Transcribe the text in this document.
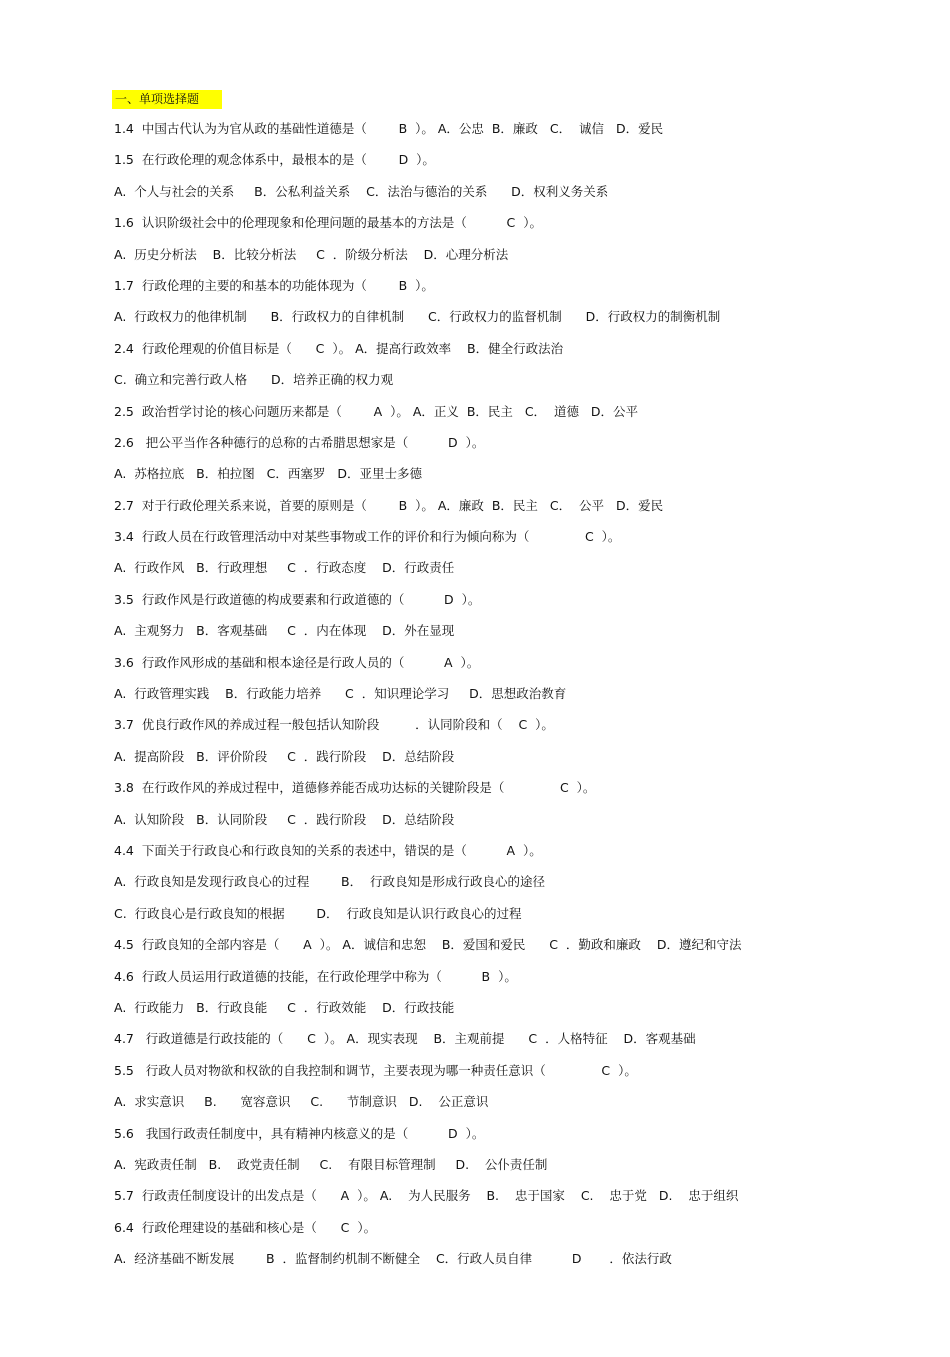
一、单项选择题
1.4  中国古代认为为官从政的基础性道德是（        B  ）。 A．公忠  B．廉政   C．  诚信   D．爱民
1.5  在行政伦理的观念体系中，最根本的是（        D  ）。
A.  个人与社会的关系     B．公私利益关系    C．法治与德治的关系      D．权利义务关系
1.6  认识阶级社会中的伦理现象和伦理问题的最基本的方法是（          C  ）。
A.  历史分析法    B．比较分析法     C  ．阶级分析法    D．心理分析法
1.7  行政伦理的主要的和基本的功能体现为（        B  ）。
A.  行政权力的他律机制      B．行政权力的自律机制      C．行政权力的监督机制      D．行政权力的制衡机制
2.4  行政伦理观的价值目标是（      C  ）。 A．提高行政效率    B．健全行政法治
C.  确立和完善行政人格      D．培养正确的权力观
2.5  政治哲学讨论的核心问题历来都是（        A  ）。 A．正义  B．民主   C．  道德   D．公平
2.6   把公平当作各种德行的总称的古希腊思想家是（          D  ）。
A.  苏格拉底   B．柏拉图   C．西塞罗   D．亚里士多德
2.7  对于行政伦理关系来说，首要的原则是（        B  ）。 A．廉政  B．民主   C．  公平   D．爱民
3.4  行政人员在行政管理活动中对某些事物或工作的评价和行为倾向称为（              C  ）。
A.  行政作风   B．行政理想     C  ．行政态度    D．行政责任
3.5  行政作风是行政道德的构成要素和行政道德的（          D  ）。
A.  主观努力   B．客观基础     C  ．内在体现    D．外在显现
3.6  行政作风形成的基础和根本途径是行政人员的（          A  ）。
A.  行政管理实践    B．行政能力培养      C  ．知识理论学习     D．思想政治教育
3.7  优良行政作风的养成过程一般包括认知阶段         ．认同阶段和（    C  ）。
A.  提高阶段   B．评价阶段     C  ．践行阶段    D．总结阶段
3.8  在行政作风的养成过程中，道德修养能否成功达标的关键阶段是（              C  ）。
A.  认知阶段   B．认同阶段     C  ．践行阶段    D．总结阶段
4.4  下面关于行政良心和行政良知的关系的表述中，错误的是（          A  ）。
A.  行政良知是发现行政良心的过程        B．  行政良知是形成行政良心的途径
C.  行政良心是行政良知的根据        D．  行政良知是认识行政良心的过程
4.5  行政良知的全部内容是（      A  ）。 A．诚信和忠恕    B．爱国和爱民      C  ．勤政和廉政    D．遵纪和守法
4.6  行政人员运用行政道德的技能，在行政伦理学中称为（          B  ）。
A.  行政能力   B．行政良能     C  ．行政效能    D．行政技能
4.7   行政道德是行政技能的（      C  ）。 A．现实表现    B．主观前提      C  ．人格特征    D．客观基础
5.5   行政人员对物欲和权欲的自我控制和调节，主要表现为哪一种责任意识（              C  ）。
A.  求实意识     B.      宽容意识     C.      节制意识   D.    公正意识
5.6   我国行政责任制度中，具有精神内核意义的是（          D  ）。
A.  宪政责任制   B.    政党责任制     C.    有限目标管理制     D.    公仆责任制
5.7  行政责任制度设计的出发点是（      A  ）。 A.    为人民服务    B.    忠于国家    C.    忠于党   D.    忠于组织
6.4  行政伦理建设的基础和核心是（      C  ）。
A.  经济基础不断发展        B  ．监督制约机制不断健全    C．行政人员自律          D       ．依法行政
